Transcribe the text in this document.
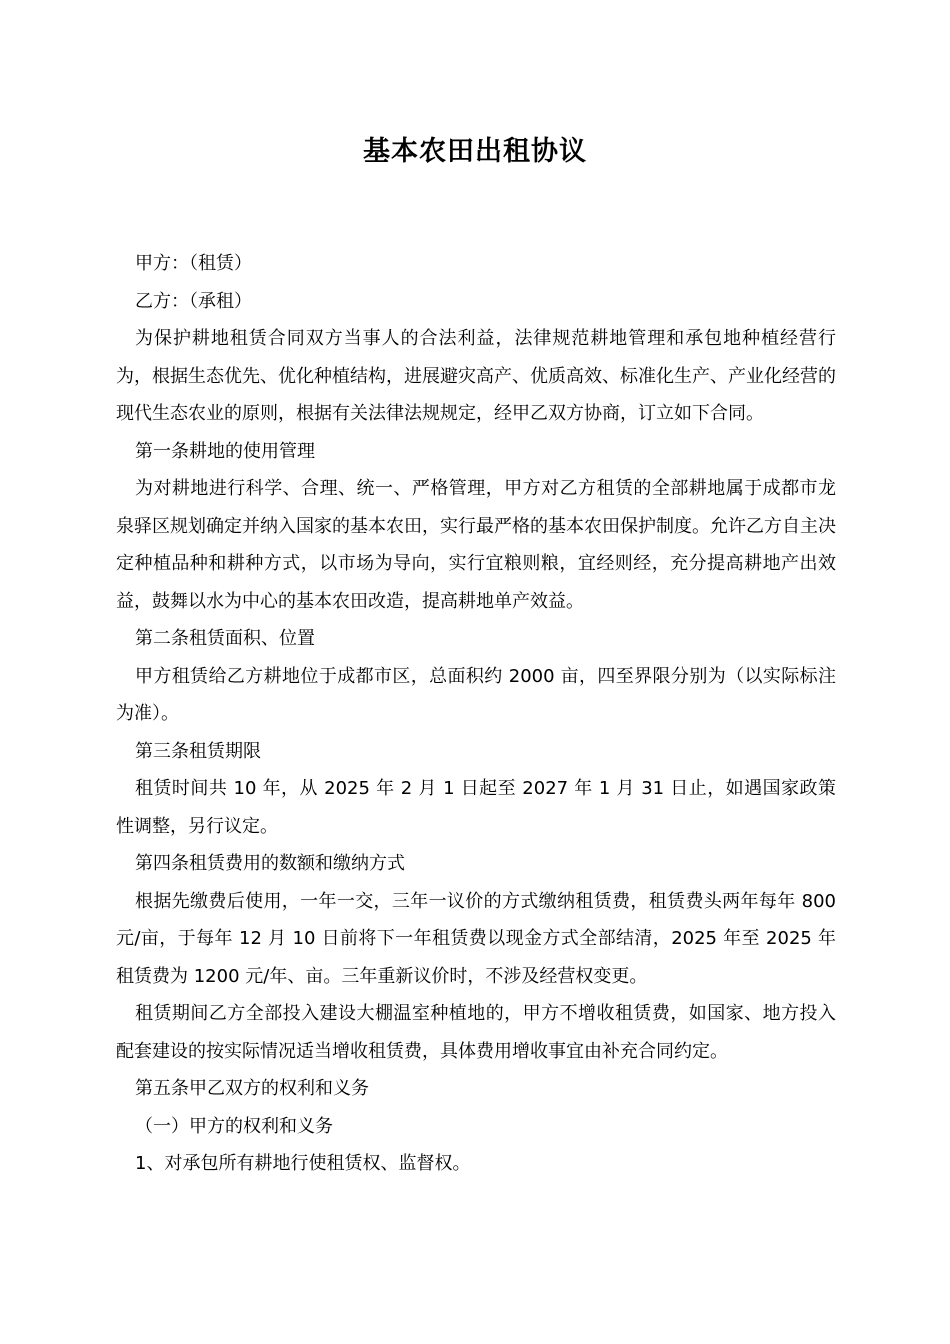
基本农田出租协议

甲方：（租赁）

乙方：（承租）

为保护耕地租赁合同双方当事人的合法利益，法律规范耕地管理和承包地种植经营行为，根据生态优先、优化种植结构，进展避灾高产、优质高效、标准化生产、产业化经营的现代生态农业的原则，根据有关法律法规规定，经甲乙双方协商，订立如下合同。

第一条耕地的使用管理

为对耕地进行科学、合理、统一、严格管理，甲方对乙方租赁的全部耕地属于成都市龙泉驿区规划确定并纳入国家的基本农田，实行最严格的基本农田保护制度。允许乙方自主决定种植品种和耕种方式，以市场为导向，实行宜粮则粮，宜经则经，充分提高耕地产出效益，鼓舞以水为中心的基本农田改造，提高耕地单产效益。

第二条租赁面积、位置

甲方租赁给乙方耕地位于成都市区，总面积约 2000 亩，四至界限分别为（以实际标注为准）。

第三条租赁期限

租赁时间共 10 年，从 2025 年 2 月 1 日起至 2027 年 1 月 31 日止，如遇国家政策性调整，另行议定。

第四条租赁费用的数额和缴纳方式

根据先缴费后使用，一年一交，三年一议价的方式缴纳租赁费，租赁费头两年每年 800 元/亩，于每年 12 月 10 日前将下一年租赁费以现金方式全部结清，2025 年至 2025 年租赁费为 1200 元/年、亩。三年重新议价时，不涉及经营权变更。

租赁期间乙方全部投入建设大棚温室种植地的，甲方不增收租赁费，如国家、地方投入配套建设的按实际情况适当增收租赁费，具体费用增收事宜由补充合同约定。

第五条甲乙双方的权利和义务

（一）甲方的权利和义务

1、对承包所有耕地行使租赁权、监督权。
